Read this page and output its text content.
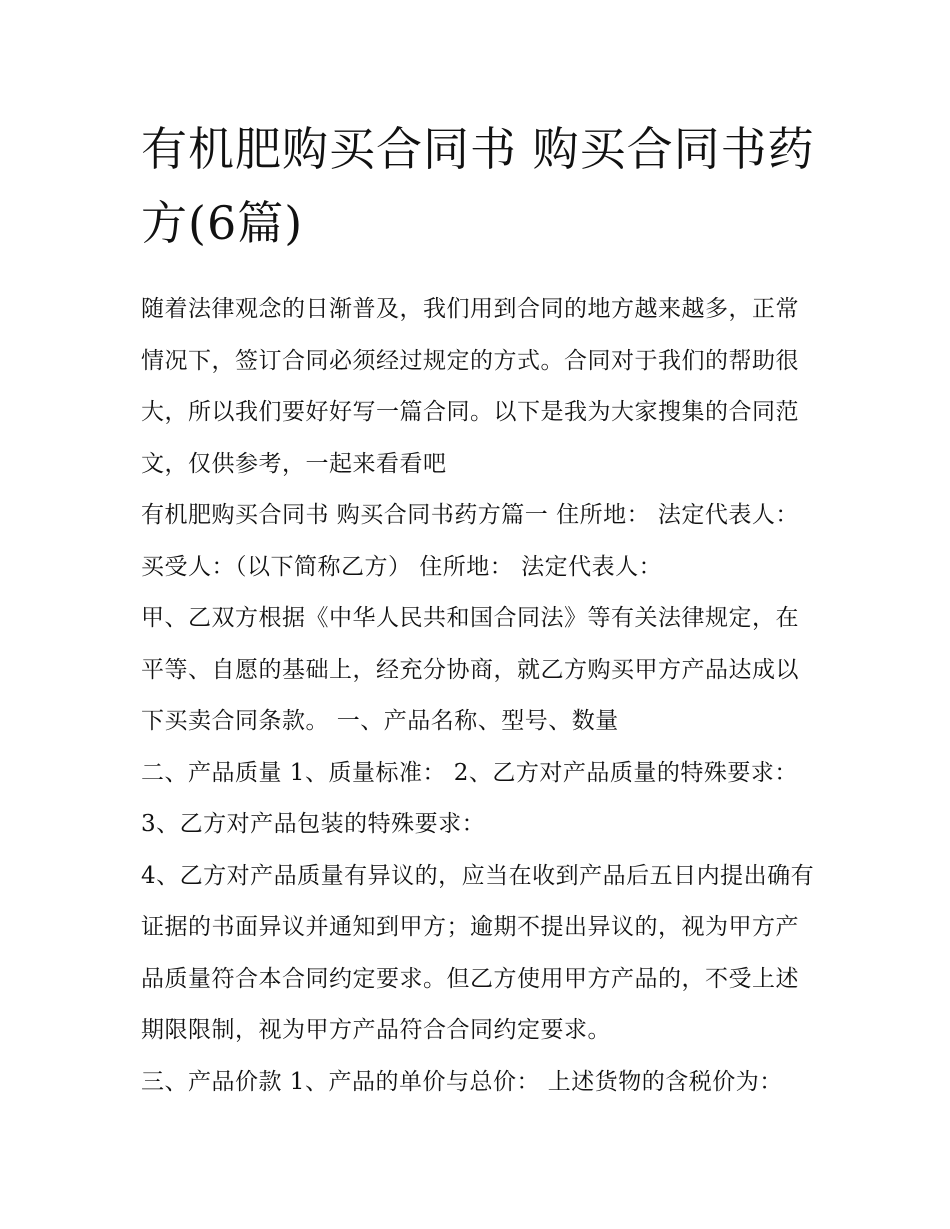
有机肥购买合同书 购买合同书药方(6篇)

随着法律观念的日渐普及，我们用到合同的地方越来越多，正常情况下，签订合同必须经过规定的方式。合同对于我们的帮助很大，所以我们要好好写一篇合同。以下是我为大家搜集的合同范文，仅供参考，一起来看看吧

有机肥购买合同书 购买合同书药方篇一 住所地： 法定代表人： 买受人：（以下简称乙方） 住所地： 法定代表人：

甲、乙双方根据《中华人民共和国合同法》等有关法律规定，在平等、自愿的基础上，经充分协商，就乙方购买甲方产品达成以下买卖合同条款。 一、产品名称、型号、数量

二、产品质量 1、质量标准： 2、乙方对产品质量的特殊要求： 3、乙方对产品包装的特殊要求：

4、乙方对产品质量有异议的，应当在收到产品后五日内提出确有证据的书面异议并通知到甲方；逾期不提出异议的，视为甲方产品质量符合本合同约定要求。但乙方使用甲方产品的，不受上述期限限制，视为甲方产品符合合同约定要求。

三、产品价款 1、产品的单价与总价： 上述货物的含税价为：
